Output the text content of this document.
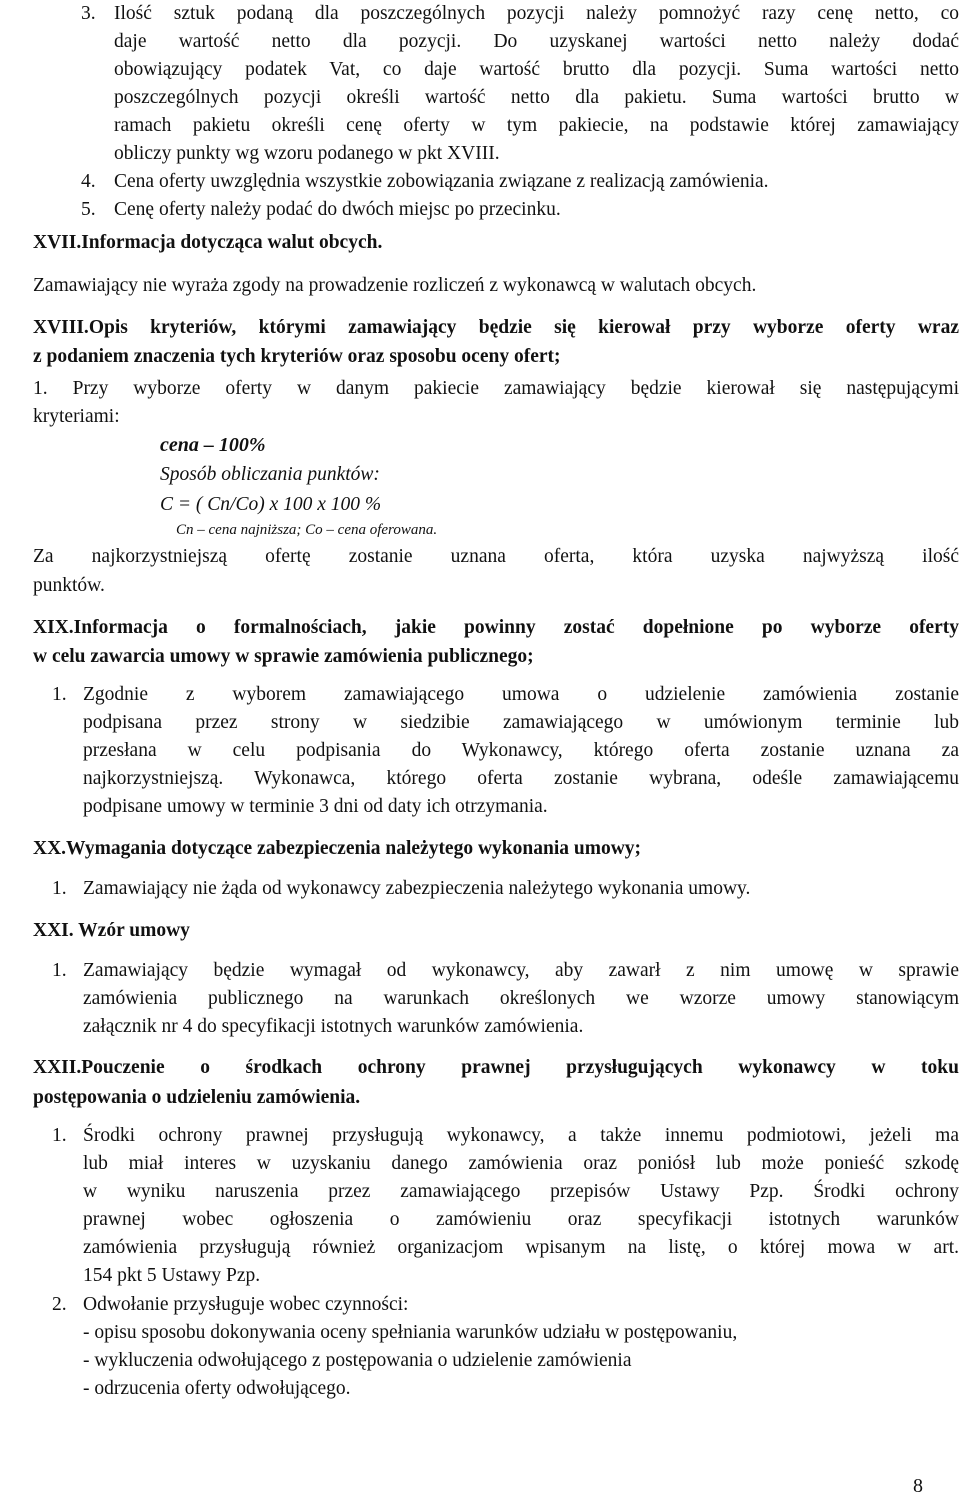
3. Ilość sztuk podaną dla poszczególnych pozycji należy pomnożyć razy cenę netto, co
daje wartość netto dla pozycji. Do uzyskanej wartości netto należy dodać
obowiązujący podatek Vat, co daje wartość brutto dla pozycji. Suma wartości netto
poszczególnych pozycji określi wartość netto dla pakietu. Suma wartości brutto w
ramach pakietu określi cenę oferty w tym pakiecie, na podstawie której zamawiający
obliczy punkty wg wzoru podanego w pkt XVIII.
4. Cena oferty uwzględnia wszystkie zobowiązania związane z realizacją zamówienia.
5. Cenę oferty należy podać do dwóch miejsc po przecinku.
XVII.Informacja dotycząca walut obcych.
Zamawiający nie wyraża zgody na prowadzenie rozliczeń z wykonawcą w walutach obcych.
XVIII.Opis kryteriów, którymi zamawiający będzie się kierował przy wyborze oferty wraz
z podaniem znaczenia tych kryteriów oraz sposobu oceny ofert;
1. Przy wyborze oferty w danym pakiecie zamawiający będzie kierował się następującymi
kryteriami:
cena – 100%
Sposób obliczania punktów:
C = ( Cn/Co) x 100 x 100 %
Cn – cena najniższa; Co – cena oferowana.
Za najkorzystniejszą ofertę zostanie uznana oferta, która uzyska najwyższą ilość
punktów.
XIX.Informacja o formalnościach, jakie powinny zostać dopełnione po wyborze oferty
w celu zawarcia umowy w sprawie zamówienia publicznego;
1. Zgodnie z wyborem zamawiającego umowa o udzielenie zamówienia zostanie
podpisana przez strony w siedzibie zamawiającego w umówionym terminie lub
przesłana w celu podpisania do Wykonawcy, którego oferta zostanie uznana za
najkorzystniejszą. Wykonawca, którego oferta zostanie wybrana, odeśle zamawiającemu
podpisane umowy w terminie 3 dni od daty ich otrzymania.
XX.Wymagania dotyczące zabezpieczenia należytego wykonania umowy;
1. Zamawiający nie żąda od wykonawcy zabezpieczenia należytego wykonania umowy.
XXI. Wzór umowy
1. Zamawiający będzie wymagał od wykonawcy, aby zawarł z nim umowę w sprawie
zamówienia publicznego na warunkach określonych we wzorze umowy stanowiącym
załącznik nr 4 do specyfikacji istotnych warunków zamówienia.
XXII.Pouczenie o środkach ochrony prawnej przysługujących wykonawcy w toku
postępowania o udzieleniu zamówienia.
1. Środki ochrony prawnej przysługują wykonawcy, a także innemu podmiotowi, jeżeli ma
lub miał interes w uzyskaniu danego zamówienia oraz poniósł lub może ponieść szkodę
w wyniku naruszenia przez zamawiającego przepisów Ustawy Pzp. Środki ochrony
prawnej wobec ogłoszenia o zamówieniu oraz specyfikacji istotnych warunków
zamówienia przysługują również organizacjom wpisanym na listę, o której mowa w art.
154 pkt 5 Ustawy Pzp.
2. Odwołanie przysługuje wobec czynności:
- opisu sposobu dokonywania oceny spełniania warunków udziału w postępowaniu,
- wykluczenia odwołującego z postępowania o udzielenie zamówienia
- odrzucenia oferty odwołującego.
8
